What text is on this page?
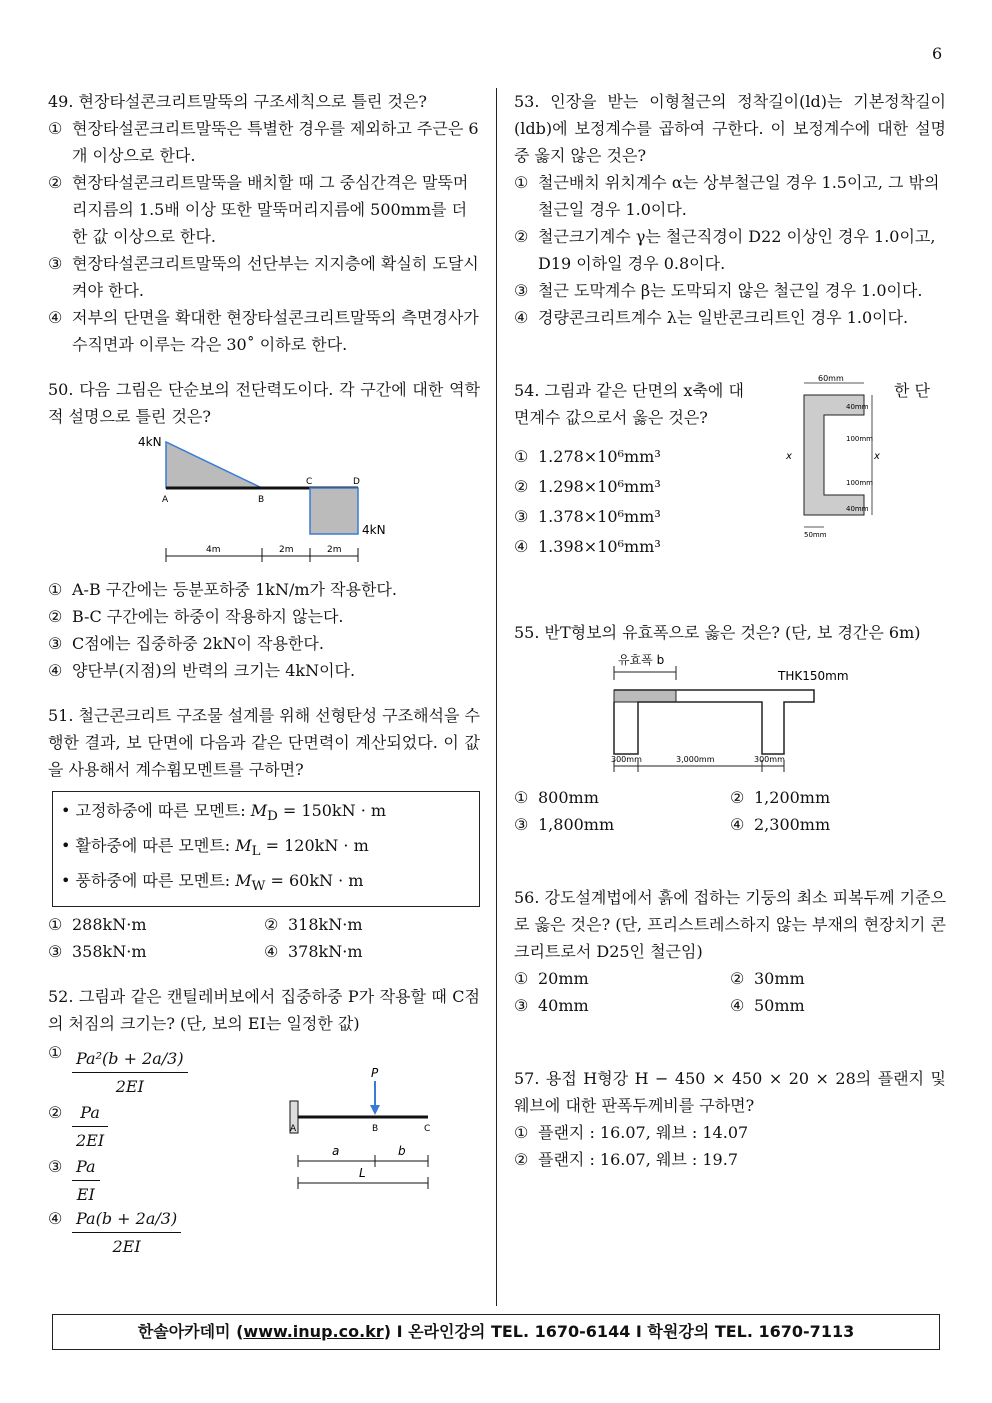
6

49. 현장타설콘크리트말뚝의 구조세칙으로 틀린 것은?

① 현장타설콘크리트말뚝은 특별한 경우를 제외하고 주근은 6개 이상으로 한다.
② 현장타설콘크리트말뚝을 배치할 때 그 중심간격은 말뚝머리지름의 1.5배 이상 또한 말뚝머리지름에 500mm를 더한 값 이상으로 한다.
③ 현장타설콘크리트말뚝의 선단부는 지지층에 확실히 도달시켜야 한다.
④ 저부의 단면을 확대한 현장타설콘크리트말뚝의 측면경사가 수직면과 이루는 각은 30˚ 이하로 한다.

50. 다음 그림은 단순보의 전단력도이다. 각 구간에 대한 역학적 설명으로 틀린 것은?

4kN
4kN
A	B
C	D
4m	2m	2m
① A-B 구간에는 등분포하중 1kN/m가 작용한다.
② B-C 구간에는 하중이 작용하지 않는다.
③ C점에는 집중하중 2kN이 작용한다.
④ 양단부(지점)의 반력의 크기는 4kN이다.

51. 철근콘크리트 구조물 설계를 위해 선형탄성 구조해석을 수행한 결과, 보 단면에 다음과 같은 단면력이 계산되었다. 이 값을 사용해서 계수휨모멘트를 구하면?

• 고정하중에 따른 모멘트: $M_D = 150kN \cdot m$
• 활하중에 따른 모멘트: $M_L = 120kN \cdot m$
• 풍하중에 따른 모멘트: $M_W = 60kN \cdot m$
① 288kN·m	② 318kN·m
③ 358kN·m	④ 378kN·m

52. 그림과 같은 캔틸레버보에서 집중하중 P가 작용할 때 C점의 처짐의 크기는? (단, 보의 EI는 일정한 값)

① $\frac{\text{Pa²(b + 2a/3)}}{2EI}$
② $\frac{Pa}{2EI}$
③ $\frac{Pa}{EI}$
④ $\frac{Pa(b + 2a/3)}{2EI}$
P
A	B	C
a	b
L

53. 인장을 받는 이형철근의 정착길이(ld)는 기본정착길이(ldb)에 보정계수를 곱하여 구한다. 이 보정계수에 대한 설명 중 옳지 않은 것은?

① 철근배치 위치계수 α는 상부철근일 경우 1.5이고, 그 밖의 철근일 경우 1.0이다.
② 철근크기계수 γ는 철근직경이 D22 이상인 경우 1.0이고, D19 이하일 경우 0.8이다.
③ 철근 도막계수 β는 도막되지 않은 철근일 경우 1.0이다.
④ 경량콘크리트계수 λ는 일반콘크리트인 경우 1.0이다.
54. 그림과 같은 단면의 x축에 대
면계수 값으로서 옳은 것은?
한 단
① 1.278×10⁶mm³
② 1.298×10⁶mm³
③ 1.378×10⁶mm³
④ 1.398×10⁶mm³
60mm
40mm
100mm
100mm
40mm
x	x
50mm

55. 반T형보의 유효폭으로 옳은 것은? (단, 보 경간은 6m)

유효폭 b
THK150mm
300mm	3,000mm	300mm
① 800mm	② 1,200mm
③ 1,800mm	④ 2,300mm

56. 강도설계법에서 흙에 접하는 기둥의 최소 피복두께 기준으로 옳은 것은? (단, 프리스트레스하지 않는 부재의 현장치기 콘크리트로서 D25인 철근임)

① 20mm	② 30mm
③ 40mm	④ 50mm

57. 용접 H형강 H − 450 × 450 × 20 × 28의 플랜지 및 웨브에 대한 판폭두께비를 구하면?

① 플랜지 : 16.07, 웨브 : 14.07
② 플랜지 : 16.07, 웨브 : 19.7
한솔아카데미 (www.inup.co.kr) I 온라인강의 TEL. 1670-6144 I 학원강의 TEL. 1670-7113
